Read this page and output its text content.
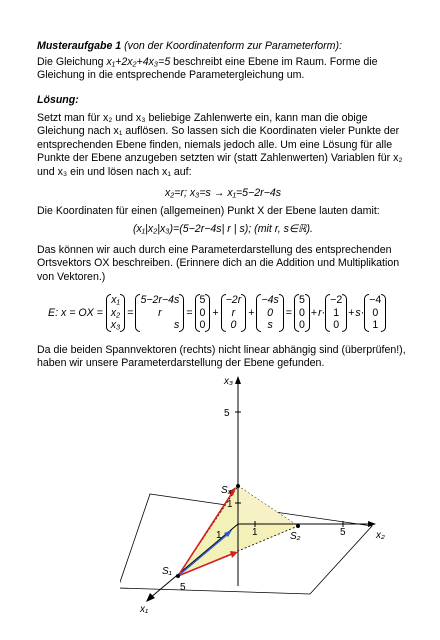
Musteraufgabe 1 (von der Koordinatenform zur Parameterform):

Die Gleichung x₁+2x₂+4x₃=5 beschreibt eine Ebene im Raum. Forme die Gleichung in die entsprechende Parametergleichung um.

Lösung:

Setzt man für x₂ und x₃ beliebige Zahlenwerte ein, kann man die obige Gleichung nach x₁ auflösen. So lassen sich die Koordinaten vieler Punkte der entsprechenden Ebene finden, niemals jedoch alle. Um eine Lösung für alle Punkte der Ebene anzugeben setzten wir (statt Zahlenwerten) Variablen für x₂ und x₃ ein und lösen nach x₁ auf:

x₂=r; x₃=s → x₁=5−2r−4s

Die Koordinaten für einen (allgemeinen) Punkt X der Ebene lauten damit:

(x₁|x₂|x₃)=(5−2r−4s| r | s); (mit r, s∈ℝ).

Das können wir auch durch eine Parameterdarstellung des entsprechenden Ortsvektors OX beschreiben. (Erinnere dich an die Addition und Multiplikation von Vektoren.)

E: x = OX =
x₁
x₂
x₃
=
5−2r−4s
r
s
=
5
0
0
+
−2r
r
0
+
−4s
0
s
=
5
0
0
+ r·
−2
1
0
+ s·
−4
0
1

Da die beiden Spannvektoren (rechts) nicht linear abhängig sind (überprüfen!), haben wir unsere Parameterdarstellung der Ebene gefunden.

x₃
x₂
x₁
S₁
S₂
S₃
5
1
1	5
1
5
